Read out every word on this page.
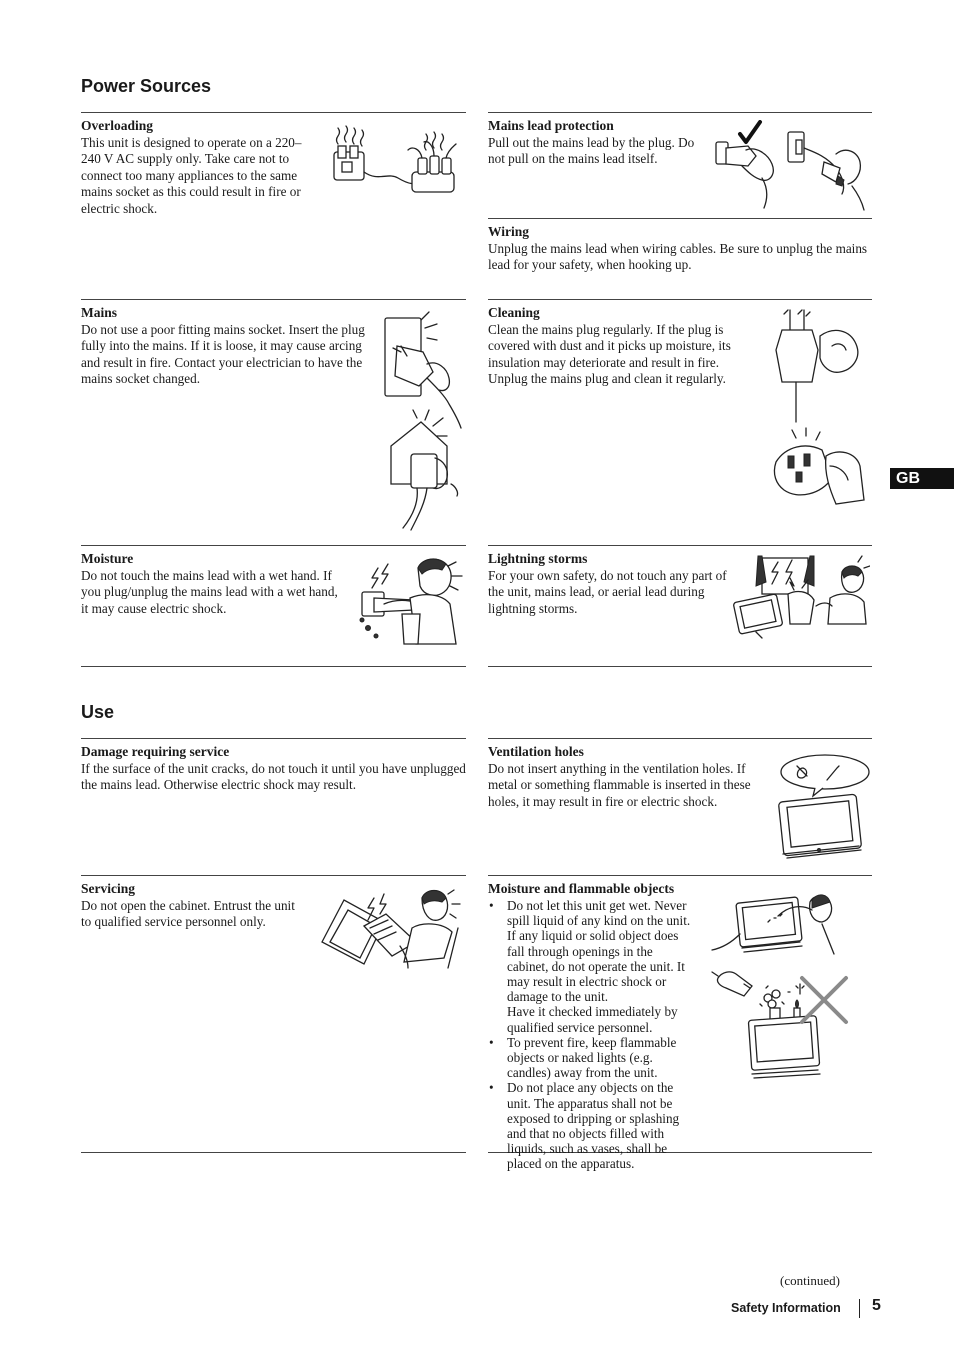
Power Sources
Use
Overloading

This unit is designed to operate on a 220–240 V AC supply only. Take care not to connect too many appliances to the same mains socket as this could result in fire or electric shock.

Mains lead protection

Pull out the mains lead by the plug. Do not pull on the mains lead itself.

Wiring

Unplug the mains lead when wiring cables. Be sure to unplug the mains lead for your safety, when hooking up.

Mains

Do not use a poor fitting mains socket. Insert the plug fully into the mains. If it is loose, it may cause arcing and result in fire. Contact your electrician to have the mains socket changed.

Cleaning

Clean the mains plug regularly. If the plug is covered with dust and it picks up moisture, its insulation may deteriorate and result in fire. Unplug the mains plug and clean it regularly.

Moisture

Do not touch the mains lead with a wet hand. If you plug/unplug the mains lead with a wet hand, it may cause electric shock.

Lightning storms

For your own safety, do not touch any part of the unit, mains lead, or aerial lead during lightning storms.

Damage requiring service

If the surface of the unit cracks, do not touch it until you have unplugged the mains lead. Otherwise electric shock may result.

Ventilation holes

Do not insert anything in the ventilation holes. If metal or something flammable is inserted in these holes, it may result in fire or electric shock.

Servicing

Do not open the cabinet. Entrust the unit to qualified service personnel only.

Moisture and flammable objects
• Do not let this unit get wet. Never spill liquid of any kind on the unit. If any liquid or solid object does fall through openings in the cabinet, do not operate the unit. It may result in electric shock or damage to the unit.
Have it checked immediately by qualified service personnel.
• To prevent fire, keep flammable objects or naked lights (e.g. candles) away from the unit.
• Do not place any objects on the unit. The apparatus shall not be exposed to dripping or splashing and that no objects filled with liquids, such as vases, shall be placed on the apparatus.
GB
(continued)
Safety Information 5
